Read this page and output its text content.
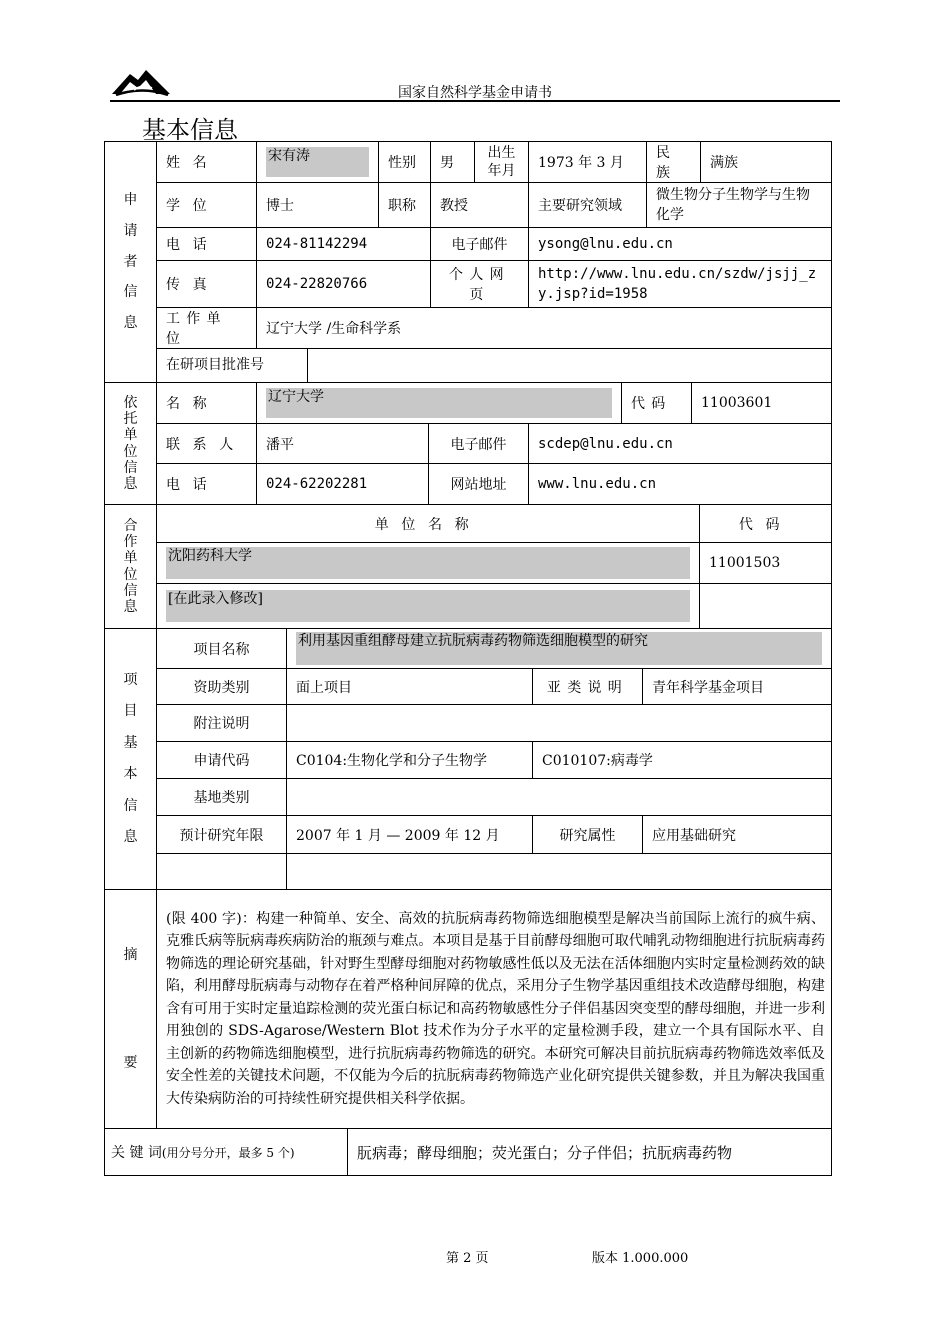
国家自然科学基金申请书
基本信息
申请者信息	姓名	宋有涛	性别	男	出生年月	1973 年 3 月	民族	满族
	学位	博士	职称	教授		主要研究领域	微生物分子生物学与生物化学	
	电话	024-81142294		电子邮件		ysong@lnu.edu.cn		
	传真	024-22820766		个人网页		http://www.lnu.edu.cn/szdw/jsjj_zy.jsp?id=1958		
	工作单位	辽宁大学 /生命科学系						

	在研项目批准号							
依托单位信息	名称	辽宁大学			代码	11003601
	联系人	潘平	电子邮件	scdep@lnu.edu.cn		
	电话	024-62202281	网站地址	www.lnu.edu.cn		
合作单位信息	单位名称	代码

	沈阳药科大学	11001503

	[在此录入修改]	

项目基本信息	项目名称	利用基因重组酵母建立抗朊病毒药物筛选细胞模型的研究		

	资助类别	面上项目	亚类说明	青年科学基金项目
	附注说明			
	申请代码	C0104:生物化学和分子生物学	C010107:病毒学	
	基地类别			
	预计研究年限	2007 年 1 月 — 2009 年 12 月	研究属性	应用基础研究

摘要	(限 400 字)：构建一种简单、安全、高效的抗朊病毒药物筛选细胞模型是解决当前国际上流行的疯牛病、克雅氏病等朊病毒疾病防治的瓶颈与难点。本项目是基于目前酵母细胞可取代哺乳动物细胞进行抗朊病毒药物筛选的理论研究基础，针对野生型酵母细胞对药物敏感性低以及无法在活体细胞内实时定量检测药效的缺陷，利用酵母朊病毒与动物存在着严格种间屏障的优点，采用分子生物学基因重组技术改造酵母细胞，构建含有可用于实时定量追踪检测的荧光蛋白标记和高药物敏感性分子伴侣基因突变型的酵母细胞，并进一步利用独创的 SDS-Agarose/Western Blot 技术作为分子水平的定量检测手段，建立一个具有国际水平、自主创新的药物筛选细胞模型，进行抗朊病毒药物筛选的研究。本研究可解决目前抗朊病毒药物筛选效率低及安全性差的关键技术问题，不仅能为今后的抗朊病毒药物筛选产业化研究提供关键参数，并且为解决我国重大传染病防治的可持续性研究提供相关科学依据。
关 键 词(用分号分开，最多 5 个)	朊病毒；酵母细胞；荧光蛋白；分子伴侣；抗朊病毒药物
第 2 页	版本 1.000.000
